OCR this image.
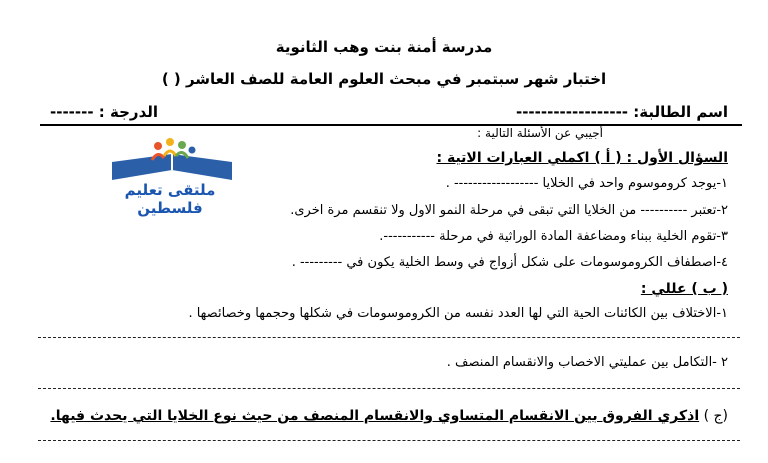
مدرسة أمنة بنت وهب الثانوية
اختبار شهر سبتمبر في مبحث العلوم العامة للصف العاشر ( )
اسم الطالبة: ------------------
الدرجة : -------
ملتقى تعليم فلسطين
أجيبي عن الأسئلة التالية :
السؤال الأول : ( أ ) اكملي العبارات الاتية :
١-يوجد كروموسوم واحد في الخلايا ------------------ .
٢-تعتبر ---------- من الخلايا التي تبقى في مرحلة النمو الاول ولا تنقسم مرة اخرى.
٣-تقوم الخلية ببناء ومضاعفة المادة الوراثية في مرحلة -----------.
٤-اصطفاف الكروموسومات على شكل أزواج في وسط الخلية يكون في --------- .
( ب ) عللي :
١-الاختلاف بين الكائنات الحية التي لها العدد نفسه من الكروموسومات في شكلها وحجمها وخصائصها .
٢ -التكامل بين عمليتي الاخصاب والانقسام المنصف .
(ج ) اذكري الفروق بين الانقسام المتساوي والانقسام المنصف من حيث نوع الخلايا التي يحدث فيها.
